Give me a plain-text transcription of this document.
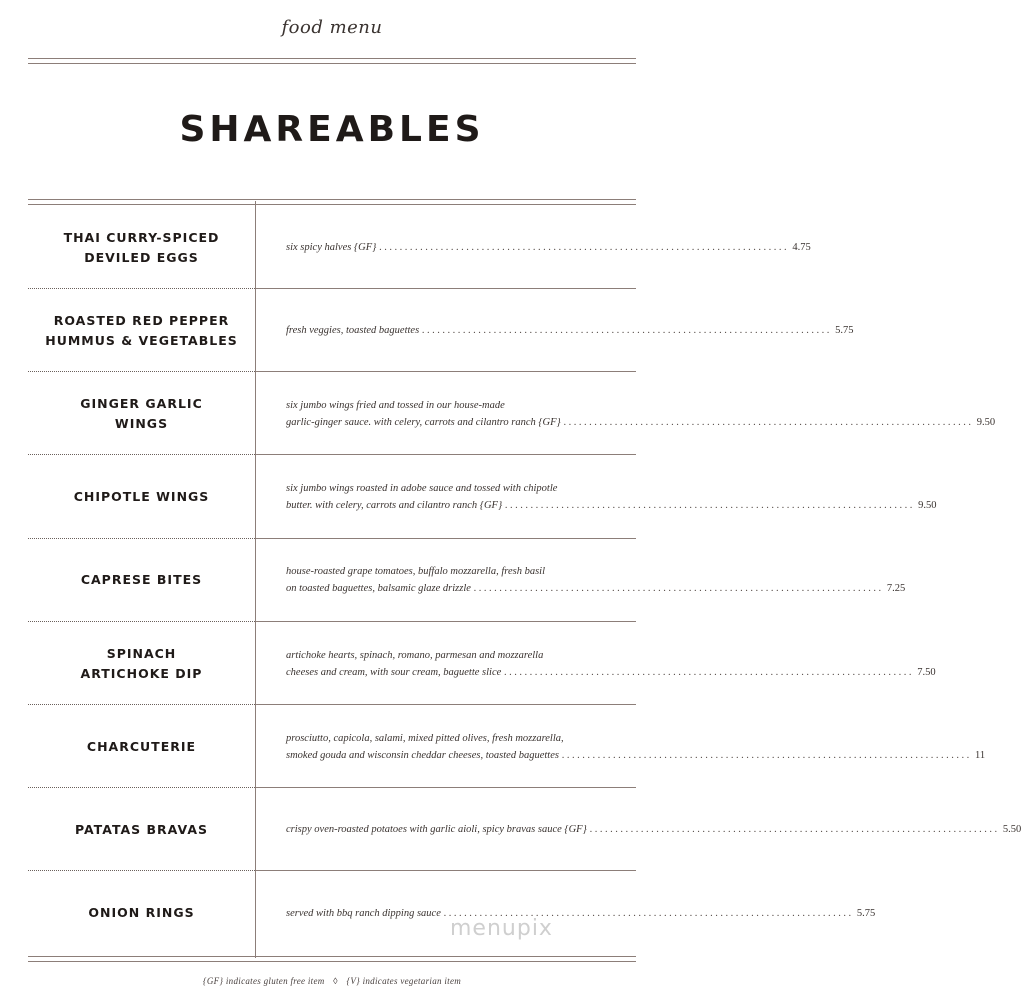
food menu
SHAREABLES
THAI CURRY-SPICED
DEVILED EGGS
six spicy halves {GF} ................................................................................ 4.75
ROASTED RED PEPPER
HUMMUS & VEGETABLES
fresh veggies, toasted baguettes ................................................................................ 5.75
GINGER GARLIC
WINGS
six jumbo wings fried and tossed in our house-made
garlic-ginger sauce. with celery, carrots and cilantro ranch {GF} ................................................................................ 9.50
CHIPOTLE WINGS
six jumbo wings roasted in adobe sauce and tossed with chipotle
butter. with celery, carrots and cilantro ranch {GF} ................................................................................ 9.50
CAPRESE BITES
house-roasted grape tomatoes, buffalo mozzarella, fresh basil
on toasted baguettes, balsamic glaze drizzle ................................................................................ 7.25
SPINACH
ARTICHOKE DIP
artichoke hearts, spinach, romano, parmesan and mozzarella
cheeses and cream, with sour cream, baguette slice ................................................................................ 7.50
CHARCUTERIE
prosciutto, capicola, salami, mixed pitted olives, fresh mozzarella,
smoked gouda and wisconsin cheddar cheeses, toasted baguettes ................................................................................ 11
PATATAS BRAVAS	crispy oven-roasted potatoes with garlic aioli, spicy bravas sauce {GF} ................................................................................ 5.50
ONION RINGS	served with bbq ranch dipping sauce ................................................................................ 5.75
menupix
{GF} indicates gluten free item ◊ {V} indicates vegetarian item
